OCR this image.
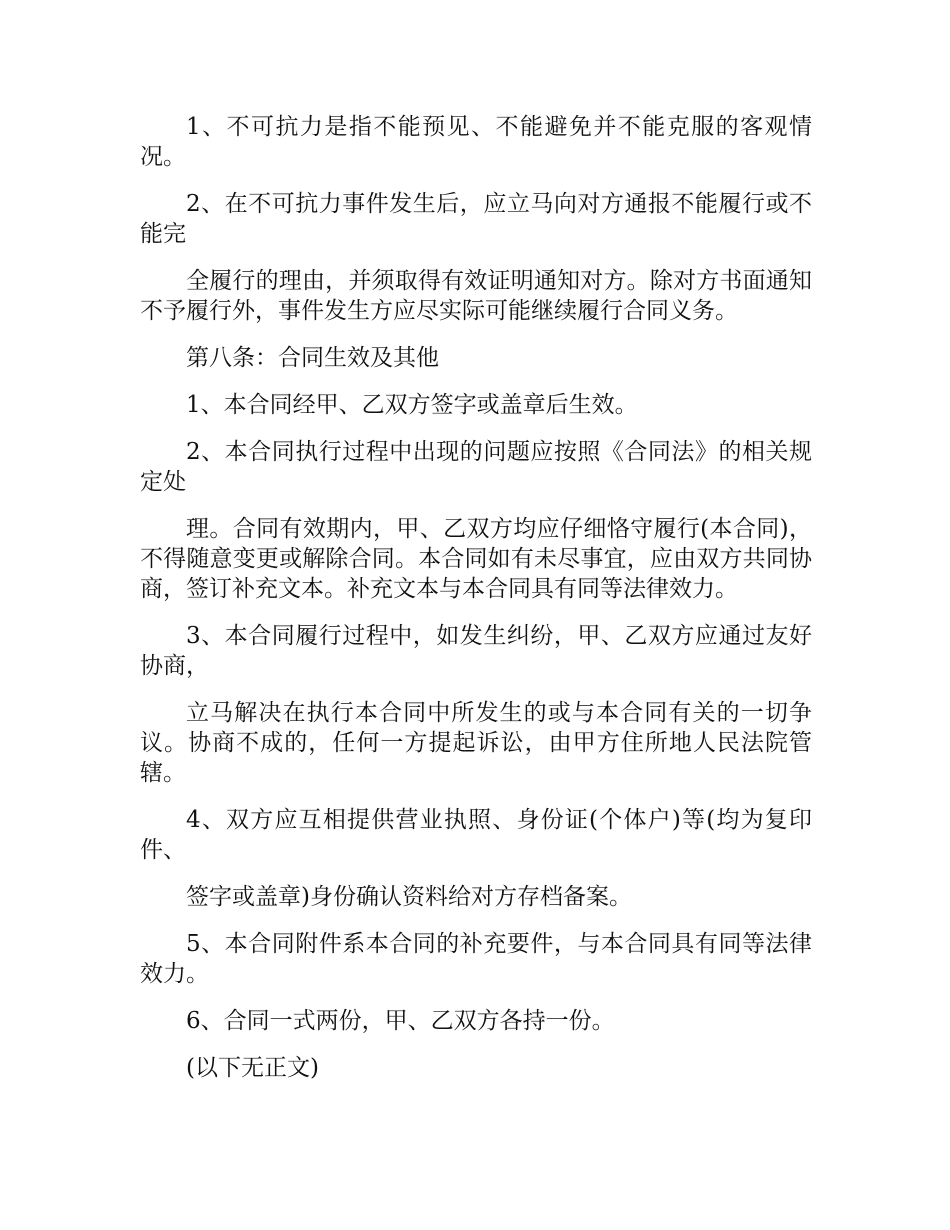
1、不可抗力是指不能预见、不能避免并不能克服的客观情况。

2、在不可抗力事件发生后，应立马向对方通报不能履行或不能完

全履行的理由，并须取得有效证明通知对方。除对方书面通知不予履行外，事件发生方应尽实际可能继续履行合同义务。

第八条：合同生效及其他

1、本合同经甲、乙双方签字或盖章后生效。

2、本合同执行过程中出现的问题应按照《合同法》的相关规定处

理。合同有效期内，甲、乙双方均应仔细恪守履行(本合同)，不得随意变更或解除合同。本合同如有未尽事宜，应由双方共同协商，签订补充文本。补充文本与本合同具有同等法律效力。

3、本合同履行过程中，如发生纠纷，甲、乙双方应通过友好协商，

立马解决在执行本合同中所发生的或与本合同有关的一切争议。协商不成的，任何一方提起诉讼，由甲方住所地人民法院管辖。

4、双方应互相提供营业执照、身份证(个体户)等(均为复印件、

签字或盖章)身份确认资料给对方存档备案。

5、本合同附件系本合同的补充要件，与本合同具有同等法律效力。

6、合同一式两份，甲、乙双方各持一份。

(以下无正文)
